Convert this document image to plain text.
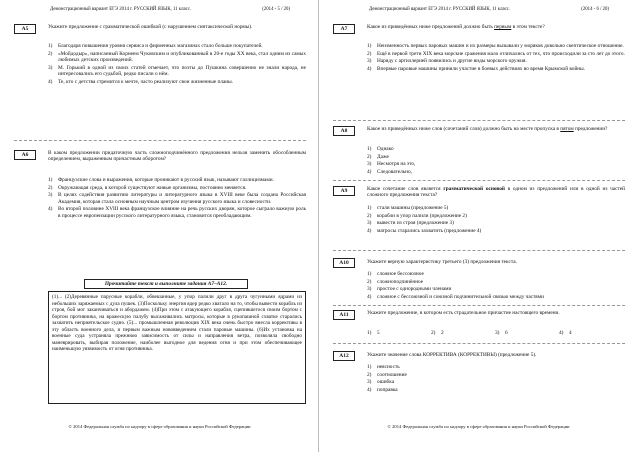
Демонстрационный вариант ЕГЭ 2014 г. РУССКИЙ ЯЗЫК, 11 класс.	(2014 - 5 / 20)
А5	Укажите предложение с грамматической ошибкой (с нарушением синтаксической нормы).
1)	Благодаря повышения уровня сервиса и фирменных магазинах стало больше покупателей.
2)	«Мойдодыр», написанный Корнеем Чуковским и опубликованный в 20-е годы XX века, стал одним из самых любимых детских произведений.
3)	М. Горький в одной из своих статей отмечает, что поэты до Пушкина совершенно не знали народа, не интересовались его судьбой, редко писали о нём.
4)	Те, кто с детства стремится к мечте, часто реализуют свои жизненные планы.
А6	В каком предложении придаточную часть сложноподчинённого предложения нельзя заменить обособленным определением, выраженным причастным оборотом?
1)	Французские слова и выражения, которые проникают в русский язык, называют галлицизмами.
2)	Окружающая среда, в которой существуют живые организмы, постоянно меняется.
3)	В целях содействия развитию литературы и литературного языка в XVIII веке была создана Российская Академия, которая стала основным научным центром изучения русского языка и словесности.
4)	Во второй половине XVIII века французское влияние на речь русских дворян, которое сыграло важную роль в процессе европеизации русского литературного языка, становится преобладающим.
Прочитайте текст и выполните задания А7–А12.
(1)... (2)Деревянные парусные корабли, обвешанные, у упор палили друг в друга чугунными ядрами из небольших заряжаемых с дула пушек. (3)Поскольку энергия ядер редко хватало на то, чтобы вывести корабль из строя, бой мог заканчиваться и абордажем. (4)При этом с атакующего корабля, сцепившегося своим бортом с бортом противника, на вражескую палубу высаживались матросы, которые в рукопашной схватке старались захватить неприятельское судно. (5)... промышленная революция XIX века очень быстро внесла коррективы в эту область военного дела, и первым важным нововведением стали паровые машины. (6)Их установка на военные суда устраняла прежнюю зависимость от силы и направления ветра, позволяла свободно маневрировать, выбирая положение, наиболее выгодное для ведения огня и при этом обеспечивающее наименьшую уязвимость от огня противника.
© 2014 Федеральная служба по надзору в сфере образования и науки Российской Федерации
Демонстрационный вариант ЕГЭ 2014 г. РУССКИЙ ЯЗЫК, 11 класс.	(2014 - 6 / 20)
А7	Какое из приведённых ниже предложений должно быть первым в этом тексте?
1)	Неизменность первых паровых машин и их размеры вызывали у моряков довольно скептическое отношение.
2)	Ещё в первой трети XIX века морские сражения мало отличались от тех, что происходили за сто лет до этого.
3)	Наряду с артиллерией появились и другие виды морского оружия.
4)	Впервые паровые машины приняли участие в боевых действиях во время Крымской войны.
А8	Какое из приведённых ниже слов (сочетаний слов) должно быть на месте пропуска в пятом предложении?
1)	Однако
2)	Даже
3)	Несмотря на это,
4)	Следовательно,
А9	Какое сочетание слов является грамматической основой в одном из предложений или в одной из частей сложного предложения текста?
1)	стали машины (предложение 5)
2)	корабли в упор палили (предложение 2)
3)	вывести из строя (предложение 3)
4)	матросы старались захватить (предложение 4)
А10	Укажите верную характеристику третьего (3) предложения текста.
1)	сложное бессоюзное
2)	сложноподчинённое
3)	простое с однородными членами
4)	сложное с бессоюзной и союзной подчинительной связью между частями
А11	Укажите предложение, в котором есть страдательное причастие настоящего времени.
1)	5	2)	2	3)	6	4)	4
А12	Укажите значение слова КОРРЕКТИВА (КОРРЕКТИВЫ) (предложение 5).
1)	неясность
2)	соотношение
3)	ошибка
4)	поправка
© 2014 Федеральная служба по надзору в сфере образования и науки Российской Федерации
